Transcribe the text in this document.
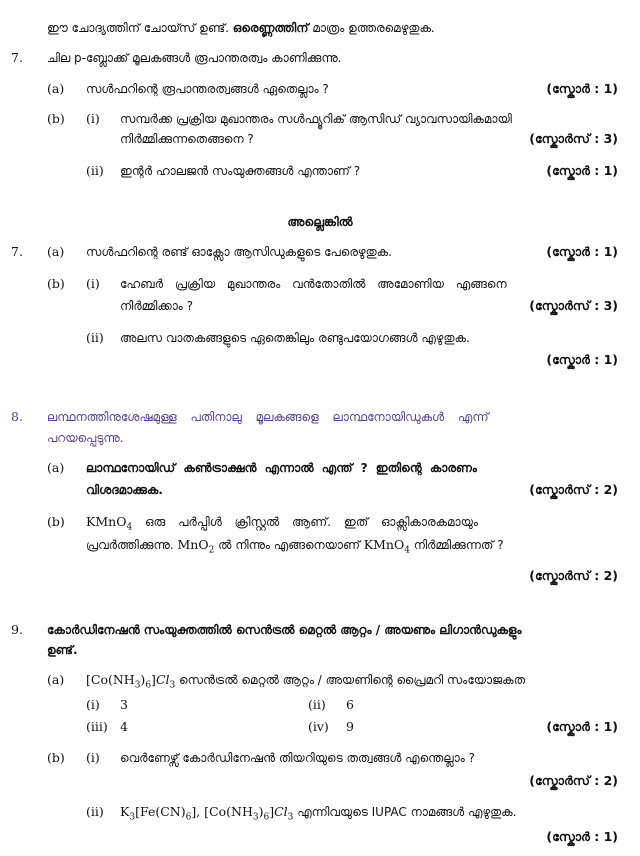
ഈ ചോദ്യത്തിന് ചോയ്സ് ഉണ്ട്. ഒരെണ്ണത്തിന് മാത്രം ഉത്തരമെഴുതുക.
7. ചില p-ബ്ലോക്ക് മൂലകങ്ങൾ രൂപാന്തരത്വം കാണിക്കുന്നു.
(a) സൾഫറിന്റെ രൂപാന്തരത്വങ്ങൾ ഏതെല്ലാം ?	(സ്കോർ : 1)
(b) (i) സമ്പർക്ക പ്രക്രിയ മുഖാന്തരം സൾഫ്യൂറിക് ആസിഡ് വ്യാവസായികമായി
നിർമ്മിക്കുന്നതെങ്ങനെ ?	(സ്കോർസ് : 3)
(ii) ഇന്റർ ഹാലജൻ സംയുക്തങ്ങൾ എന്താണ് ?	(സ്കോർ : 1)
അല്ലെങ്കിൽ
7. (a) സൾഫറിന്റെ രണ്ട് ഓക്സോ ആസിഡുകളുടെ പേരെഴുതുക.	(സ്കോർ : 1)
(b) (i) ഹേബർ പ്രക്രിയ മുഖാന്തരം വൻതോതിൽ അമോണിയ എങ്ങനെ
നിർമ്മിക്കാം ?	(സ്കോർസ് : 3)
(ii) അലസ വാതകങ്ങളുടെ ഏതെങ്കിലും രണ്ടുപയോഗങ്ങൾ എഴുതുക.
(സ്കോർ : 1)
8. ലന്ഥനത്തിനുശേഷമുള്ള പതിനാലു മൂലകങ്ങളെ ലാന്ഥനോയിഡുകൾ എന്ന്
പറയപ്പെടുന്നു.
(a) ലാന്ഥനോയിഡ് കൺട്രാക്ഷൻ എന്നാൽ എന്ത് ? ഇതിന്റെ കാരണം
വിശദമാക്കുക.	(സ്കോർസ് : 2)
(b) KMnO$_4$ ഒരു പർപ്പിൾ ക്രിസ്റ്റൽ ആണ്. ഇത് ഓക്സികാരകമായും
പ്രവർത്തിക്കുന്നു. MnO$_2$ ൽ നിന്നും എങ്ങനെയാണ് KMnO$_4$ നിർമ്മിക്കുന്നത് ?
(സ്കോർസ് : 2)
9. കോർഡിനേഷൻ സംയുക്തത്തിൽ സെൻട്രൽ മെറ്റൽ ആറ്റം / അയണും ലിഗാൻഡുകളും
ഉണ്ട്.
(a) $[Co(NH_3)_6]Cl_3$ സെൻട്രൽ മെറ്റൽ ആറ്റം / അയണിന്റെ പ്രൈമറി സംയോജകത
(i) 3	(ii) 6
(iii) 4	(iv) 9	(സ്കോർ : 1)
(b) (i) വെർണേഴ്സ് കോർഡിനേഷൻ തിയറിയുടെ തത്വങ്ങൾ എന്തെല്ലാം ?
(സ്കോർസ് : 2)
(ii) $K_3[Fe(CN)_6]$, $[Co(NH_3)_6]Cl_3$ എന്നിവയുടെ IUPAC നാമങ്ങൾ എഴുതുക.
(സ്കോർ : 1)
